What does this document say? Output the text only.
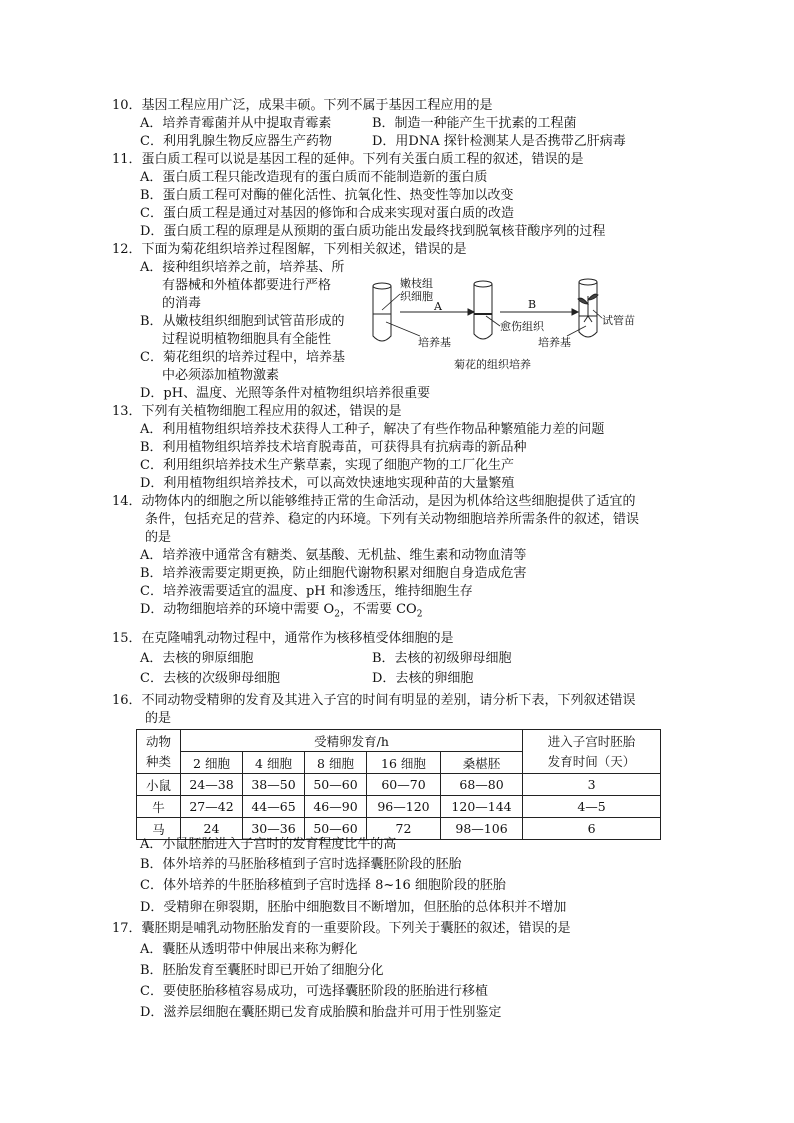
10．基因工程应用广泛，成果丰硕。下列不属于基因工程应用的是
A．培养青霉菌并从中提取青霉素	B．制造一种能产生干扰素的工程菌
C．利用乳腺生物反应器生产药物	D．用DNA 探针检测某人是否携带乙肝病毒
11．蛋白质工程可以说是基因工程的延伸。下列有关蛋白质工程的叙述，错误的是
A．蛋白质工程只能改造现有的蛋白质而不能制造新的蛋白质
B．蛋白质工程可对酶的催化活性、抗氧化性、热变性等加以改变
C．蛋白质工程是通过对基因的修饰和合成来实现对蛋白质的改造
D．蛋白质工程的原理是从预期的蛋白质功能出发最终找到脱氧核苷酸序列的过程
12．下面为菊花组织培养过程图解，下列相关叙述，错误的是
A．接种组织培养之前，培养基、所
有器械和外植体都要进行严格
的消毒
B．从嫩枝组织细胞到试管苗形成的
过程说明植物细胞具有全能性
C．菊花组织的培养过程中，培养基
中必须添加植物激素
D．pH、温度、光照等条件对植物组织培养很重要
嫩枝组
织细胞
A	B
培养基
愈伤组织
培养基
试管苗
菊花的组织培养
13．下列有关植物细胞工程应用的叙述，错误的是
A．利用植物组织培养技术获得人工种子，解决了有些作物品种繁殖能力差的问题
B．利用植物组织培养技术培育脱毒苗，可获得具有抗病毒的新品种
C．利用组织培养技术生产紫草素，实现了细胞产物的工厂化生产
D．利用植物组织培养技术，可以高效快速地实现种苗的大量繁殖
14．动物体内的细胞之所以能够维持正常的生命活动，是因为机体给这些细胞提供了适宜的
条件，包括充足的营养、稳定的内环境。下列有关动物细胞培养所需条件的叙述，错误
的是
A．培养液中通常含有糖类、氨基酸、无机盐、维生素和动物血清等
B．培养液需要定期更换，防止细胞代谢物积累对细胞自身造成危害
C．培养液需要适宜的温度、pH 和渗透压，维持细胞生存
D．动物细胞培养的环境中需要 $O_2$，不需要 $CO_2$
15．在克隆哺乳动物过程中，通常作为核移植受体细胞的是
A．去核的卵原细胞	B．去核的初级卵母细胞
C．去核的次级卵母细胞	D．去核的卵细胞
16．不同动物受精卵的发育及其进入子宫的时间有明显的差别，请分析下表，下列叙述错误
的是
动物
种类	受精卵发育/h					进入子宫时胚胎
发育时间（天）
	2 细胞	4 细胞	8 细胞	16 细胞	桑椹胚	
小鼠	24—38	38—50	50—60	60—70	68—80	3
牛	27—42	44—65	46—90	96—120	120—144	4—5
马	24	30—36	50—60	72	98—106	6
A．小鼠胚胎进入子宫时的发育程度比牛的高
B．体外培养的马胚胎移植到子宫时选择囊胚阶段的胚胎
C．体外培养的牛胚胎移植到子宫时选择 8~16 细胞阶段的胚胎
D．受精卵在卵裂期，胚胎中细胞数目不断增加，但胚胎的总体积并不增加
17．囊胚期是哺乳动物胚胎发育的一重要阶段。下列关于囊胚的叙述，错误的是
A．囊胚从透明带中伸展出来称为孵化
B．胚胎发育至囊胚时即已开始了细胞分化
C．要使胚胎移植容易成功，可选择囊胚阶段的胚胎进行移植
D．滋养层细胞在囊胚期已发育成胎膜和胎盘并可用于性别鉴定
